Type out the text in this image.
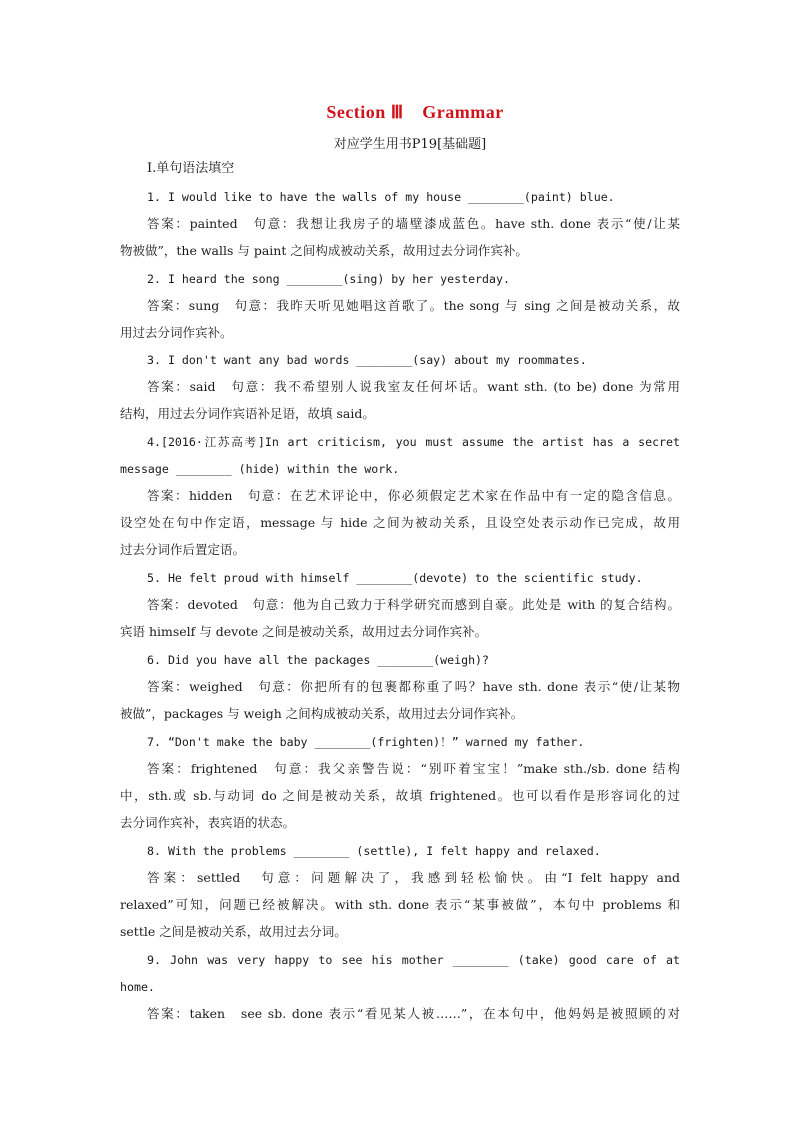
Section Ⅲ　Grammar

对应学生用书P19[基础题]

Ⅰ.单句语法填空
1. I would like to have the walls of my house ________(paint) blue.
答案：painted　句意：我想让我房子的墙壁漆成蓝色。have sth. done 表示“使/让某
物被做”，the walls 与 paint 之间构成被动关系，故用过去分词作宾补。
2. I heard the song ________(sing) by her yesterday.
答案：sung　句意：我昨天听见她唱这首歌了。the song 与 sing 之间是被动关系，故
用过去分词作宾补。
3. I don't want any bad words ________(say) about my roommates.
答案：said　句意：我不希望别人说我室友任何坏话。want sth. (to be) done 为常用
结构，用过去分词作宾语补足语，故填 said。
4.[2016·江苏高考]In art criticism, you must assume the artist has a secret
message ________ (hide) within the work.
答案：hidden　句意：在艺术评论中，你必须假定艺术家在作品中有一定的隐含信息。
设空处在句中作定语，message 与 hide 之间为被动关系，且设空处表示动作已完成，故用
过去分词作后置定语。
5. He felt proud with himself ________(devote) to the scientific study.
答案：devoted　句意：他为自己致力于科学研究而感到自豪。此处是 with 的复合结构。
宾语 himself 与 devote 之间是被动关系，故用过去分词作宾补。
6. Did you have all the packages ________(weigh)?
答案：weighed　句意：你把所有的包裹都称重了吗？have sth. done 表示“使/让某物
被做”，packages 与 weigh 之间构成被动关系，故用过去分词作宾补。
7. “Don't make the baby ________(frighten)！” warned my father.
答案：frightened　句意：我父亲警告说：“别吓着宝宝！”make sth./sb. done 结构
中，sth.或 sb.与动词 do 之间是被动关系，故填 frightened。也可以看作是形容词化的过
去分词作宾补，表宾语的状态。
8. With the problems ________ (settle), I felt happy and relaxed.
答案：settled　句意：问题解决了，我感到轻松愉快。由“I felt happy and
relaxed”可知，问题已经被解决。with sth. done 表示“某事被做”，本句中 problems 和
settle 之间是被动关系，故用过去分词。
9. John was very happy to see his mother ________ (take) good care of at
home.
答案：taken　see sb. done 表示“看见某人被……”，在本句中，他妈妈是被照顾的对
